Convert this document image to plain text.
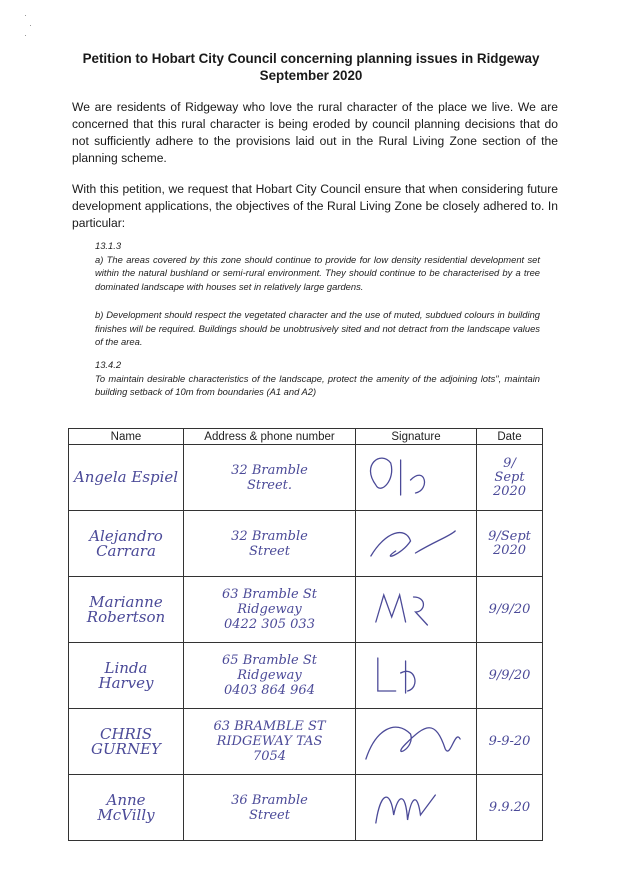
·
·
·
Petition to Hobart City Council concerning planning issues in Ridgeway
September 2020
We are residents of Ridgeway who love the rural character of the place we live. We are concerned that this rural character is being eroded by council planning decisions that do not sufficiently adhere to the provisions laid out in the Rural Living Zone section of the planning scheme.
With this petition, we request that Hobart City Council ensure that when considering future development applications, the objectives of the Rural Living Zone be closely adhered to. In particular:
13.1.3
a) The areas covered by this zone should continue to provide for low density residential development set within the natural bushland or semi-rural environment. They should continue to be characterised by a tree dominated landscape with houses set in relatively large gardens.
b) Development should respect the vegetated character and the use of muted, subdued colours in building finishes will be required. Buildings should be unobtrusively sited and not detract from the landscape values of the area.
13.4.2
To maintain desirable characteristics of the landscape, protect the amenity of the adjoining lots", maintain building setback of 10m from boundaries (A1 and A2)
Name	Address & phone number	Signature	Date

Angela Espiel	32 Bramble
Street.		9/
Sept
2020

Alejandro Carrara	32 Bramble
Street		9/Sept
2020

Marianne
Robertson	63 Bramble St
Ridgeway
0422 305 033		9/9/20

Linda
Harvey	65 Bramble St
Ridgeway
0403 864 964		9/9/20

CHRIS
GURNEY	63 BRAMBLE ST
RIDGEWAY TAS
7054		9-9-20

Anne
McVilly	36 Bramble
Street		9.9.20
